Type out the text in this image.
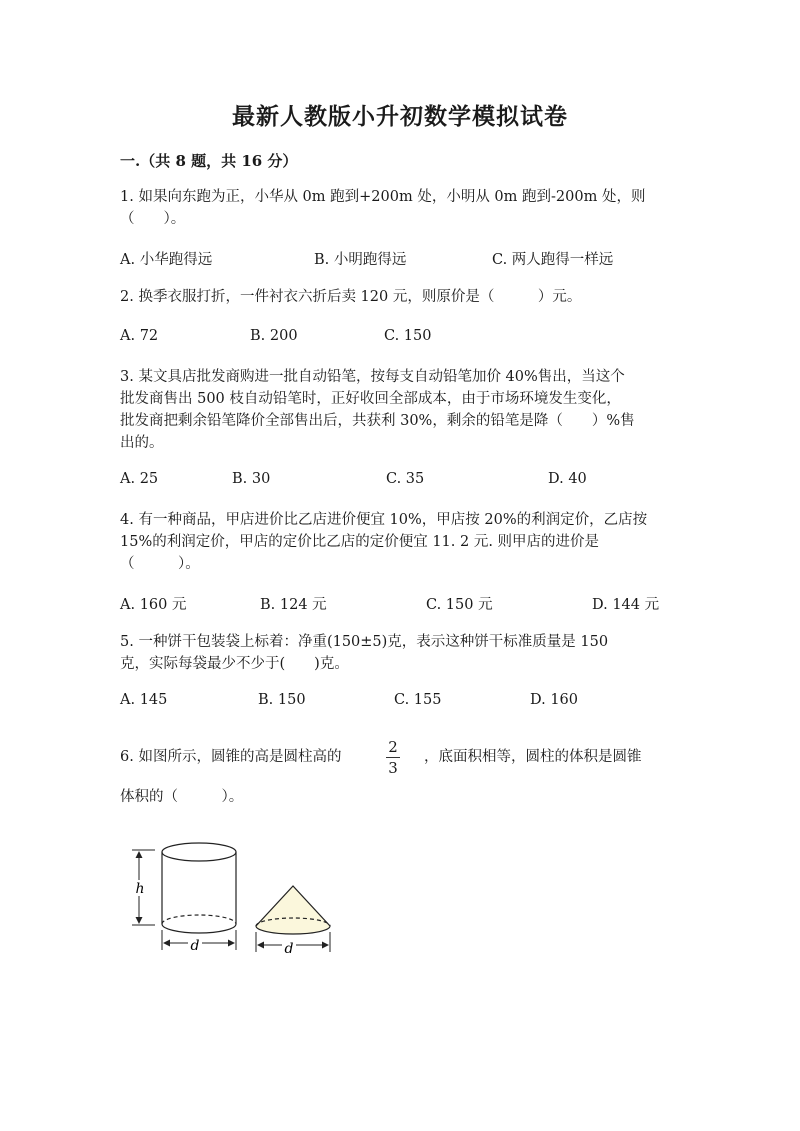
最新人教版小升初数学模拟试卷
一.（共 8 题，共 16 分）
1. 如果向东跑为正，小华从 0m 跑到+200m 处，小明从 0m 跑到-200m 处，则
（　　）。
A. 小华跑得远	B. 小明跑得远	C. 两人跑得一样远
2. 换季衣服打折，一件衬衣六折后卖 120 元，则原价是（　　　）元。
A. 72	B. 200	C. 150
3. 某文具店批发商购进一批自动铅笔，按每支自动铅笔加价 40%售出，当这个
批发商售出 500 枝自动铅笔时，正好收回全部成本，由于市场环境发生变化，
批发商把剩余铅笔降价全部售出后，共获利 30%，剩余的铅笔是降（　　）%售
出的。
A. 25	B. 30	C. 35	D. 40
4. 有一种商品，甲店进价比乙店进价便宜 10%，甲店按 20%的利润定价，乙店按
15%的利润定价，甲店的定价比乙店的定价便宜 11. 2 元. 则甲店的进价是
（　　　）。
A. 160 元	B. 124 元	C. 150 元	D. 144 元
5. 一种饼干包装袋上标着：净重(150±5)克，表示这种饼干标准质量是 150
克，实际每袋最少不少于(　　)克。
A. 145	B. 150	C. 155	D. 160
6. 如图所示，圆锥的高是圆柱高的
2
3
，底面积相等，圆柱的体积是圆锥
体积的（　　　）。
h
d	d
